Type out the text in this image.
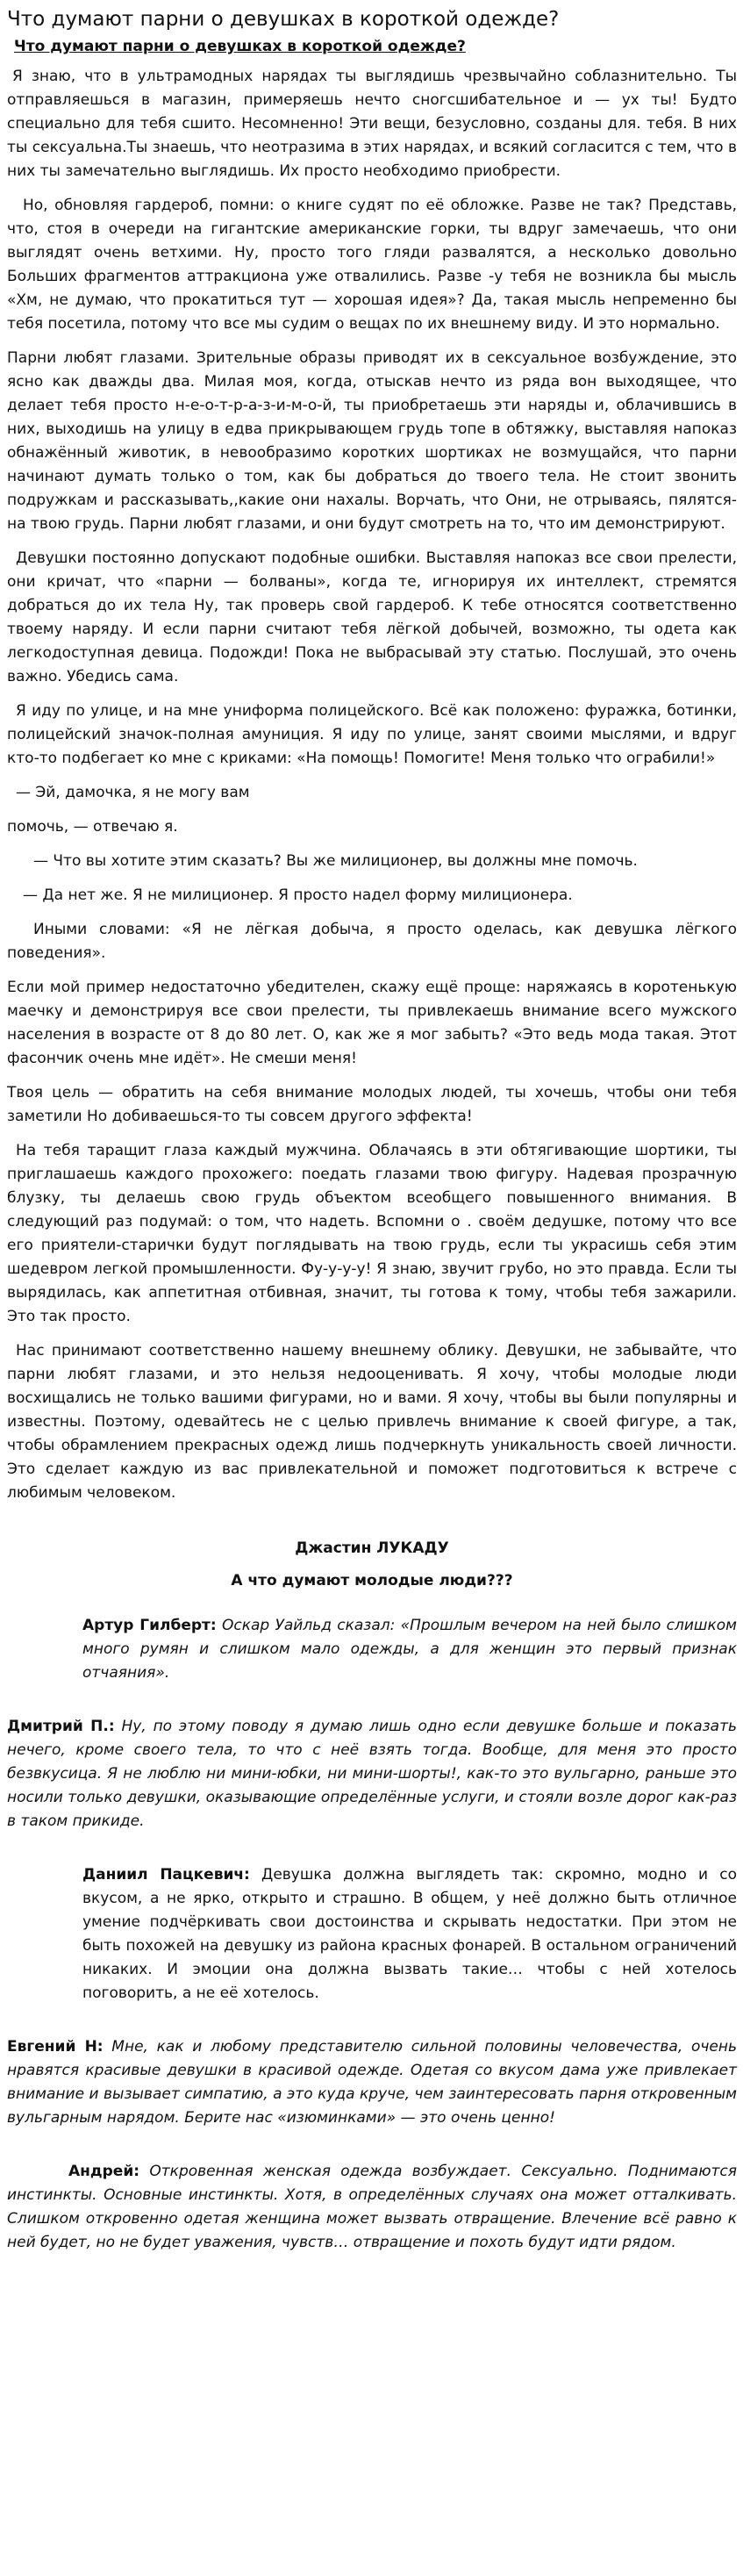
Что думают парни о девушках в короткой одежде?
Что думают парни о девушках в короткой одежде?

Я знаю, что в ультрамодных нарядах ты выглядишь чрезвычайно соблазнительно. Ты отправляешься в магазин, примеряешь нечто сногсшибательное и — ух ты! Будто специально для тебя сшито. Несомненно! Эти вещи, безусловно, созданы для. тебя. В них ты сексуальна.Ты знаешь, что неотразима в этих нарядах, и всякий согласится с тем, что в них ты замечательно выглядишь. Их просто необходимо приобрести.

Но, обновляя гардероб, помни: о книге судят по её обложке. Разве не так? Представь, что, стоя в очереди на гигантские американские горки, ты вдруг замечаешь, что они выглядят очень ветхими. Ну, просто того гляди развалятся, а несколько довольно Больших фрагментов аттракциона уже отвалились. Разве -у тебя не возникла бы мысль «Хм, не думаю, что прокатиться тут — хорошая идея»? Да, такая мысль непременно бы тебя посетила, потому что все мы судим о вещах по их внешнему виду. И это нормально.

Парни любят глазами. Зрительные образы приводят их в сексуальное возбуждение, это ясно как дважды два. Милая моя, когда, отыскав нечто из ряда вон выходящее, что делает тебя просто н-е-о-т-р-а-з-и-м-о-й, ты приобретаешь эти наряды и, облачившись в них, выходишь на улицу в едва прикрывающем грудь топе в обтяжку, выставляя напоказ обнажённый животик, в невообразимо коротких шортиках не возмущайся, что парни начинают думать только о том, как бы добраться до твоего тела. Не стоит звонить подружкам и рассказывать,,какие они нахалы. Ворчать, что Они, не отрываясь, пялятся- на твою грудь. Парни любят глазами, и они будут смотреть на то, что им демонстрируют.

Девушки постоянно допускают подобные ошибки. Выставляя напоказ все свои прелести, они кричат, что «парни — болваны», когда те, игнорируя их интеллект, стремятся добраться до их тела Ну, так проверь свой гардероб. К тебе относятся соответственно твоему наряду. И если парни считают тебя лёгкой добычей, возможно, ты одета как легкодоступная девица. Подожди! Пока не выбрасывай эту статью. Послушай, это очень важно. Убедись сама.

Я иду по улице, и на мне униформа полицейского. Всё как положено: фуражка, ботинки, полицейский значок-полная амуниция. Я иду по улице, занят своими мыслями, и вдруг кто-то подбегает ко мне с криками: «На помощь! Помогите! Меня только что ограбили!»

— Эй, дамочка, я не могу вам

помочь, — отвечаю я.

— Что вы хотите этим сказать? Вы же милиционер, вы должны мне помочь.

— Да нет же. Я не милиционер. Я просто надел форму милиционера.

Иными словами: «Я не лёгкая добыча, я просто оделась, как девушка лёгкого поведения».

Если мой пример недостаточно убедителен, скажу ещё проще: наряжаясь в коротенькую маечку и демонстрируя все свои прелести, ты привлекаешь внимание всего мужского населения в возрасте от 8 до 80 лет. О, как же я мог забыть? «Это ведь мода такая. Этот фасончик очень мне идёт». Не смеши меня!

Твоя цель — обратить на себя внимание молодых людей, ты хочешь, чтобы они тебя заметили Но добиваешься-то ты совсем другого эффекта!

На тебя таращит глаза каждый мужчина. Облачаясь в эти обтягивающие шортики, ты приглашаешь каждого прохожего: поедать глазами твою фигуру. Надевая прозрачную блузку, ты делаешь свою грудь объектом всеобщего повышенного внимания. В следующий раз подумай: о том, что надеть. Вспомни о . своём дедушке, потому что все его приятели-старички будут поглядывать на твою грудь, если ты украсишь себя этим шедевром легкой промышленности. Фу-у-у-у! Я знаю, звучит грубо, но это правда. Если ты вырядилась, как аппетитная отбивная, значит, ты готова к тому, чтобы тебя зажарили. Это так просто.

Нас принимают соответственно нашему внешнему облику. Девушки, не забывайте, что парни любят глазами, и это нельзя недооценивать. Я хочу, чтобы молодые люди восхищались не только вашими фигурами, но и вами. Я хочу, чтобы вы были популярны и известны. Поэтому, одевайтесь не с целью привлечь внимание к своей фигуре, а так, чтобы обрамлением прекрасных одежд лишь подчеркнуть уникальность своей личности. Это сделает каждую из вас привлекательной и поможет подготовиться к встрече с любимым человеком.

Джастин ЛУКАДУ
А что думают молодые люди???
Артур Гилберт: Оскар Уайльд сказал: «Прошлым вечером на ней было слишком много румян и слишком мало одежды, а для женщин это первый признак отчаяния».
Дмитрий П.: Ну, по этому поводу я думаю лишь одно если девушке больше и показать нечего, кроме своего тела, то что с неё взять тогда. Вообще, для меня это просто безвкусица. Я не люблю ни мини-юбки, ни мини-шорты!, как-то это вульгарно, раньше это носили только девушки, оказывающие определённые услуги, и стояли возле дорог как-раз в таком прикиде.
Даниил Пацкевич: Девушка должна выглядеть так: скромно, модно и со вкусом, а не ярко, открыто и страшно. В общем, у неё должно быть отличное умение подчёркивать свои достоинства и скрывать недостатки. При этом не быть похожей на девушку из района красных фонарей. В остальном ограничений никаких. И эмоции она должна вызвать такие… чтобы с ней хотелось поговорить, а не её хотелось.
Евгений Н: Мне, как и любому представителю сильной половины человечества, очень нравятся красивые девушки в красивой одежде. Одетая со вкусом дама уже привлекает внимание и вызывает симпатию, а это куда круче, чем заинтересовать парня откровенным вульгарным нарядом. Берите нас «изюминками» — это очень ценно!
Андрей: Откровенная женская одежда возбуждает. Сексуально. Поднимаются инстинкты. Основные инстинкты. Хотя, в определённых случаях она может отталкивать. Слишком откровенно одетая женщина может вызвать отвращение. Влечение всё равно к ней будет, но не будет уважения, чувств… отвращение и похоть будут идти рядом.
